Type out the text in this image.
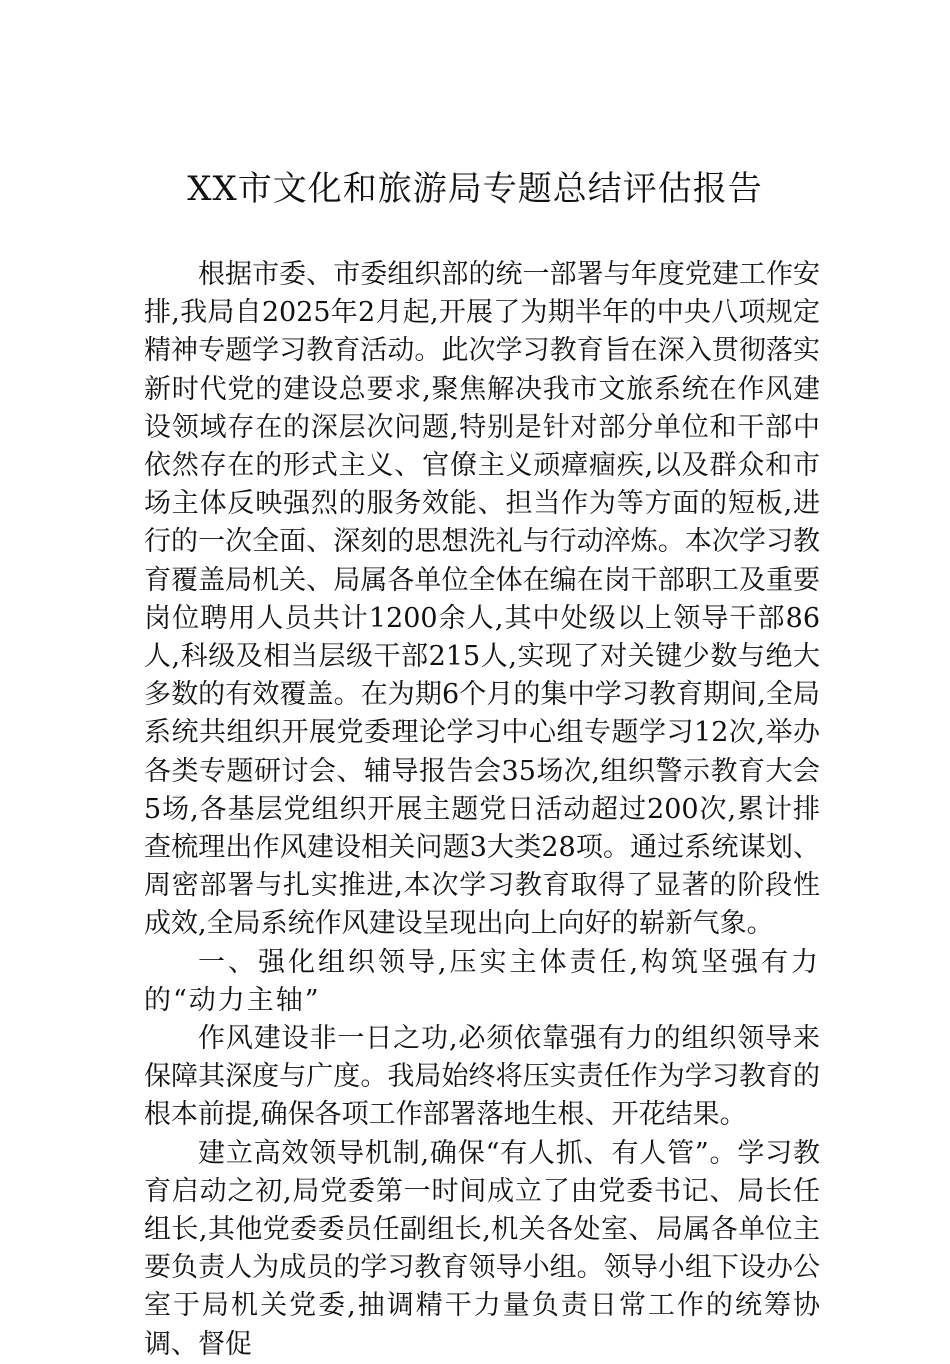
XX市文化和旅游局专题总结评估报告

根据市委、市委组织部的统一部署与年度党建工作安排,我局自2025年2月起,开展了为期半年的中央八项规定精神专题学习教育活动。此次学习教育旨在深入贯彻落实新时代党的建设总要求,聚焦解决我市文旅系统在作风建设领域存在的深层次问题,特别是针对部分单位和干部中依然存在的形式主义、官僚主义顽瘴痼疾,以及群众和市场主体反映强烈的服务效能、担当作为等方面的短板,进行的一次全面、深刻的思想洗礼与行动淬炼。本次学习教育覆盖局机关、局属各单位全体在编在岗干部职工及重要岗位聘用人员共计1200余人,其中处级以上领导干部86人,科级及相当层级干部215人,实现了对关键少数与绝大多数的有效覆盖。在为期6个月的集中学习教育期间,全局系统共组织开展党委理论学习中心组专题学习12次,举办各类专题研讨会、辅导报告会35场次,组织警示教育大会5场,各基层党组织开展主题党日活动超过200次,累计排查梳理出作风建设相关问题3大类28项。通过系统谋划、周密部署与扎实推进,本次学习教育取得了显著的阶段性成效,全局系统作风建设呈现出向上向好的崭新气象。

一、强化组织领导,压实主体责任,构筑坚强有力的“动力主轴”

作风建设非一日之功,必须依靠强有力的组织领导来保障其深度与广度。我局始终将压实责任作为学习教育的根本前提,确保各项工作部署落地生根、开花结果。

建立高效领导机制,确保“有人抓、有人管”。学习教育启动之初,局党委第一时间成立了由党委书记、局长任组长,其他党委委员任副组长,机关各处室、局属各单位主要负责人为成员的学习教育领导小组。领导小组下设办公室于局机关党委,抽调精干力量负责日常工作的统筹协调、督促
